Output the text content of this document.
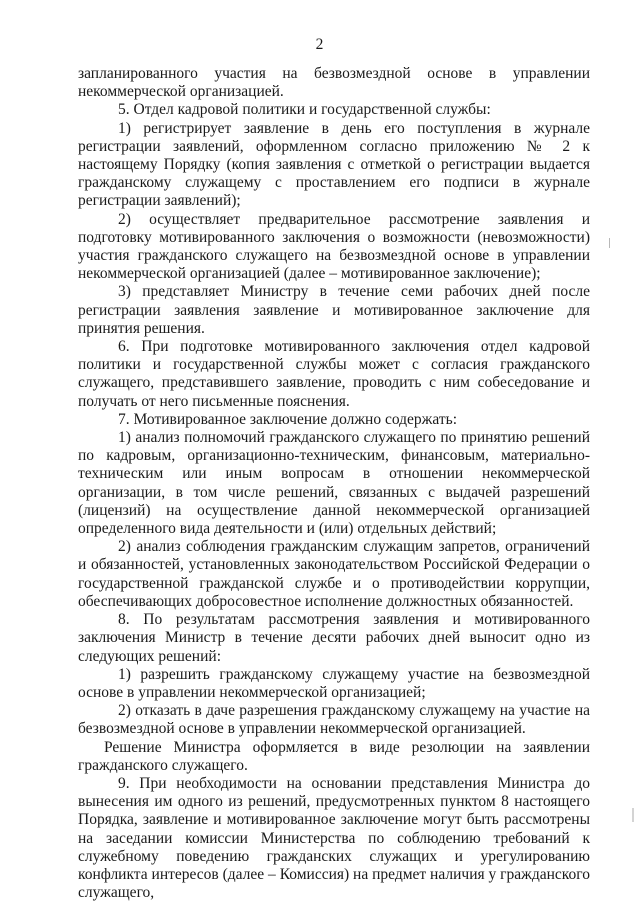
2

запланированного участия на безвозмездной основе в управлении некоммерческой организацией.

5. Отдел кадровой политики и государственной службы:

1) регистрирует заявление в день его поступления в журнале регистрации заявлений, оформленном согласно приложению № 2 к настоящему Порядку (копия заявления с отметкой о регистрации выдается гражданскому служащему с проставлением его подписи в журнале регистрации заявлений);

2) осуществляет предварительное рассмотрение заявления и подготовку мотивированного заключения о возможности (невозможности) участия гражданского служащего на безвозмездной основе в управлении некоммерческой организацией (далее – мотивированное заключение);

3) представляет Министру в течение семи рабочих дней после регистрации заявления заявление и мотивированное заключение для принятия решения.

6. При подготовке мотивированного заключения отдел кадровой политики и государственной службы может с согласия гражданского служащего, представившего заявление, проводить с ним собеседование и получать от него письменные пояснения.

7. Мотивированное заключение должно содержать:

1) анализ полномочий гражданского служащего по принятию решений по кадровым, организационно-техническим, финансовым, материально-техническим или иным вопросам в отношении некоммерческой организации, в том числе решений, связанных с выдачей разрешений (лицензий) на осуществление данной некоммерческой организацией определенного вида деятельности и (или) отдельных действий;

2) анализ соблюдения гражданским служащим запретов, ограничений и обязанностей, установленных законодательством Российской Федерации о государственной гражданской службе и о противодействии коррупции, обеспечивающих добросовестное исполнение должностных обязанностей.

8. По результатам рассмотрения заявления и мотивированного заключения Министр в течение десяти рабочих дней выносит одно из следующих решений:

1) разрешить гражданскому служащему участие на безвозмездной основе в управлении некоммерческой организацией;

2) отказать в даче разрешения гражданскому служащему на участие на безвозмездной основе в управлении некоммерческой организацией.

Решение Министра оформляется в виде резолюции на заявлении гражданского служащего.

9. При необходимости на основании представления Министра до вынесения им одного из решений, предусмотренных пунктом 8 настоящего Порядка, заявление и мотивированное заключение могут быть рассмотрены на заседании комиссии Министерства по соблюдению требований к служебному поведению гражданских служащих и урегулированию конфликта интересов (далее – Комиссия) на предмет наличия у гражданского служащего,
